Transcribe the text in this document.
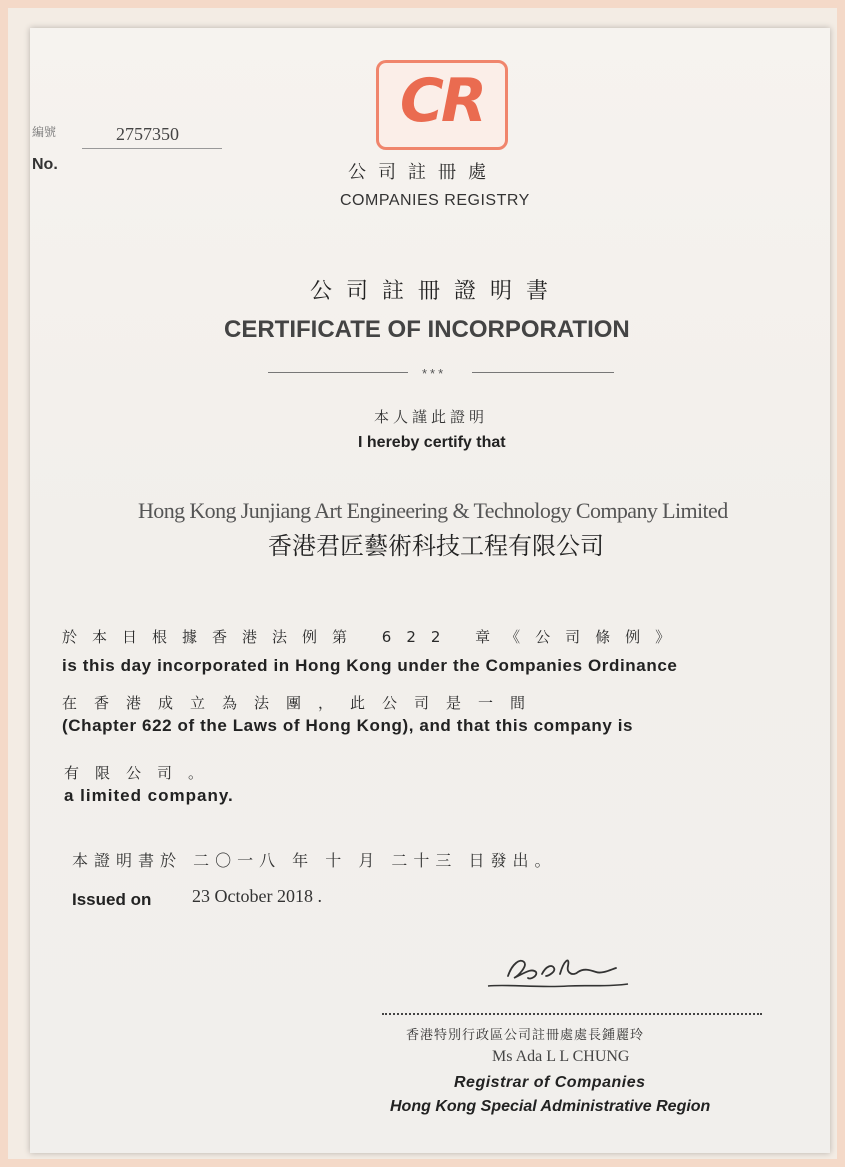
編號
No.
2757350	CR
公司註冊處
COMPANIES REGISTRY
公司註冊證明書
CERTIFICATE OF INCORPORATION
***
本人謹此證明
I hereby certify that
Hong Kong Junjiang Art Engineering & Technology Company Limited
香港君匠藝術科技工程有限公司
於本日根據香港法例第 622 章《公司條例》
is this day incorporated in Hong Kong under the Companies Ordinance
在香港成立為法團，此公司是一間
(Chapter 622 of the Laws of Hong Kong), and that this company is
有限公司。
a limited company.
本證明書於 二〇一八 年 十 月 二十三 日發出。
Issued on 23 October 2018 .
香港特別行政區公司註冊處處長鍾麗玲
Ms Ada L L CHUNG
Registrar of Companies
Hong Kong Special Administrative Region
